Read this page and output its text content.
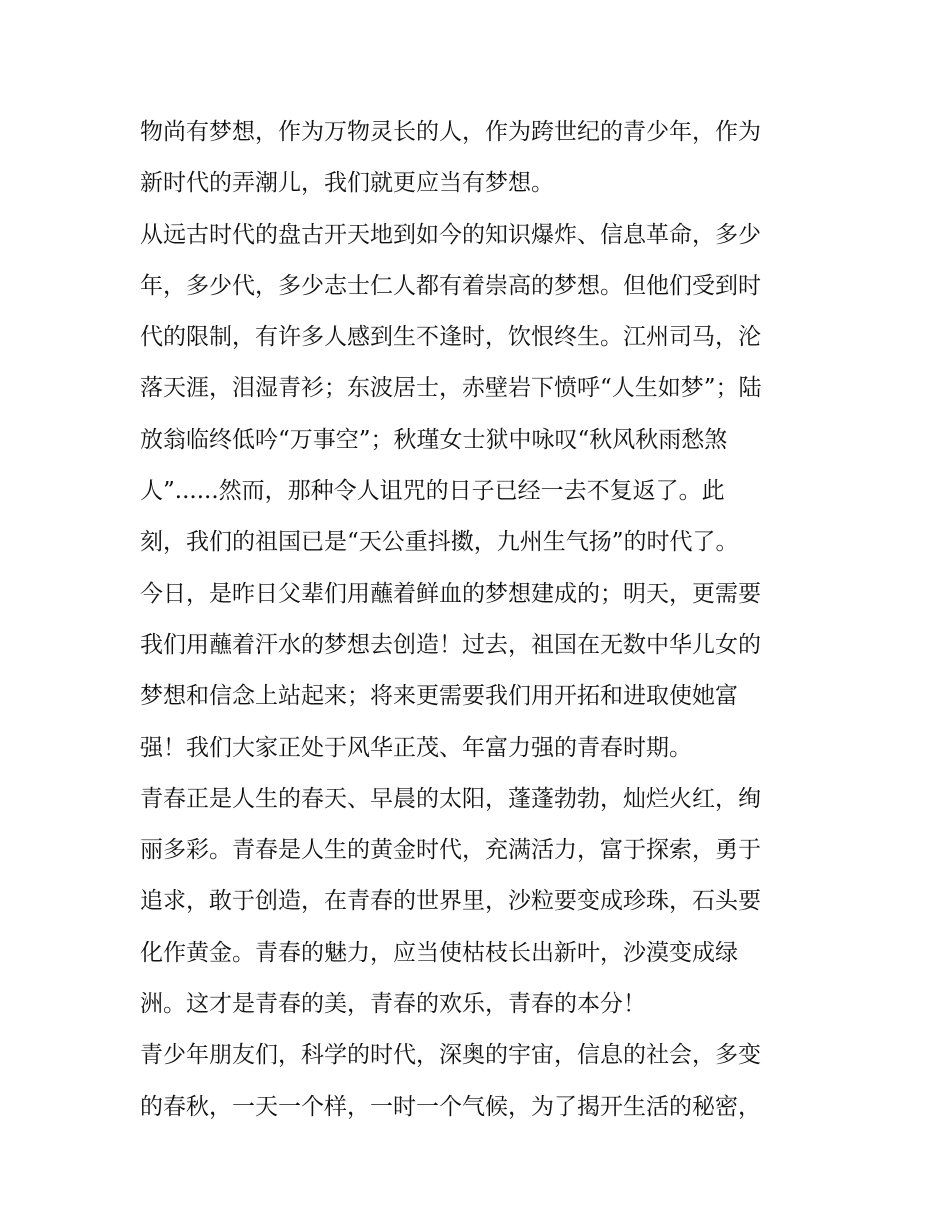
物尚有梦想，作为万物灵长的人，作为跨世纪的青少年，作为
新时代的弄潮儿，我们就更应当有梦想。
从远古时代的盘古开天地到如今的知识爆炸、信息革命，多少
年，多少代，多少志士仁人都有着崇高的梦想。但他们受到时
代的限制，有许多人感到生不逢时，饮恨终生。江州司马，沦
落天涯，泪湿青衫；东波居士，赤壁岩下愤呼“人生如梦”；陆
放翁临终低吟“万事空”；秋瑾女士狱中咏叹“秋风秋雨愁煞
人”......然而，那种令人诅咒的日子已经一去不复返了。此
刻，我们的祖国已是“天公重抖擞，九州生气扬”的时代了。
今日，是昨日父辈们用蘸着鲜血的梦想建成的；明天，更需要
我们用蘸着汗水的梦想去创造！过去，祖国在无数中华儿女的
梦想和信念上站起来；将来更需要我们用开拓和进取使她富
强！我们大家正处于风华正茂、年富力强的青春时期。
青春正是人生的春天、早晨的太阳，蓬蓬勃勃，灿烂火红，绚
丽多彩。青春是人生的黄金时代，充满活力，富于探索，勇于
追求，敢于创造，在青春的世界里，沙粒要变成珍珠，石头要
化作黄金。青春的魅力，应当使枯枝长出新叶，沙漠变成绿
洲。这才是青春的美，青春的欢乐，青春的本分！
青少年朋友们，科学的时代，深奥的宇宙，信息的社会，多变
的春秋，一天一个样，一时一个气候，为了揭开生活的秘密，
